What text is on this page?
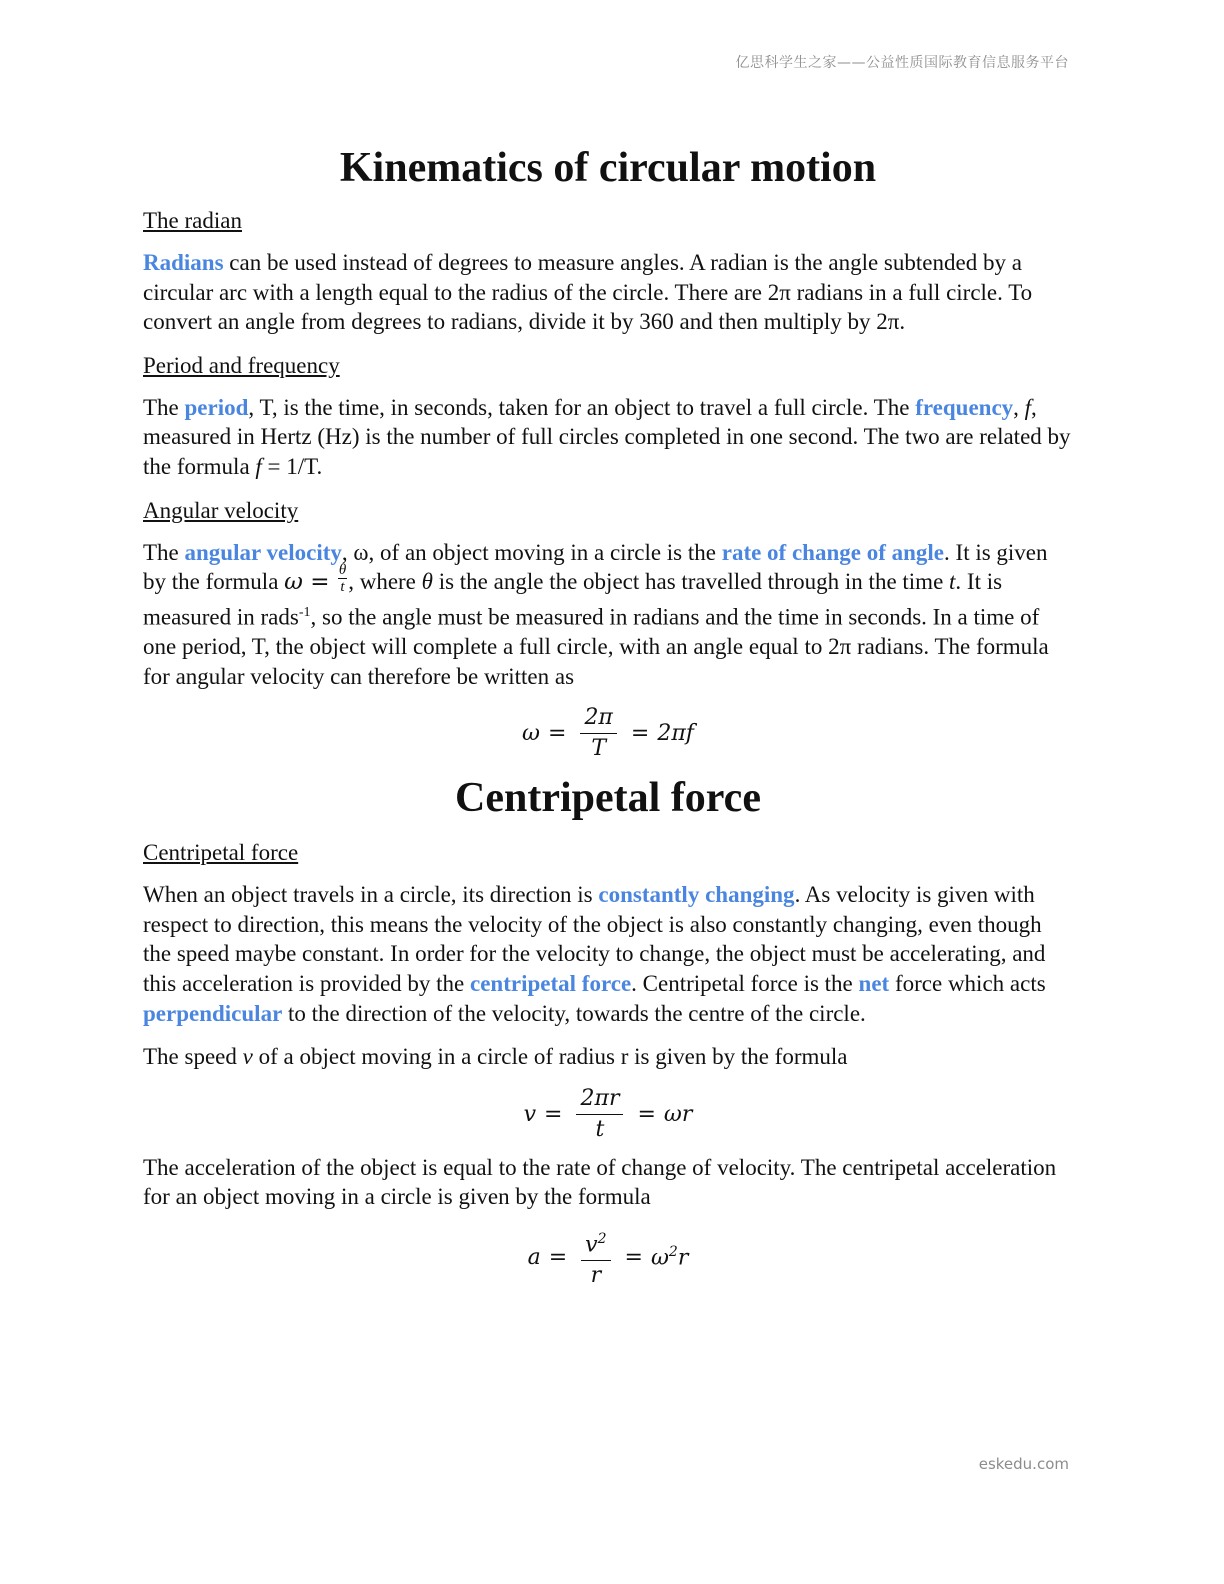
亿思科学生之家——公益性质国际教育信息服务平台
Kinematics of circular motion
The radian

Radians can be used instead of degrees to measure angles. A radian is the angle subtended by a circular arc with a length equal to the radius of the circle. There are 2π radians in a full circle. To convert an angle from degrees to radians, divide it by 360 and then multiply by 2π.

Period and frequency

The period, T, is the time, in seconds, taken for an object to travel a full circle. The frequency, f, measured in Hertz (Hz) is the number of full circles completed in one second. The two are related by the formula f = 1/T.

Angular velocity

The angular velocity, ω, of an object moving in a circle is the rate of change of angle. It is given by the formula $\omega = \frac{\theta}{t}$ , where θ is the angle the object has travelled through in the time t. It is measured in rads$^{-1}$, so the angle must be measured in radians and the time in seconds. In a time of one period, T, the object will complete a full circle, with an angle equal to 2π radians. The formula for angular velocity can therefore be written as

$\omega = \frac{2\pi}{T} = 2\pi f$
Centripetal force
Centripetal force

When an object travels in a circle, its direction is constantly changing. As velocity is given with respect to direction, this means the velocity of the object is also constantly changing, even though the speed maybe constant. In order for the velocity to change, the object must be accelerating, and this acceleration is provided by the centripetal force. Centripetal force is the net force which acts perpendicular to the direction of the velocity, towards the centre of the circle.

The speed v of a object moving in a circle of radius r is given by the formula

$v = \frac{2\pi r}{t} = \omega r$

The acceleration of the object is equal to the rate of change of velocity. The centripetal acceleration for an object moving in a circle is given by the formula

$a = \frac{v^2}{r} = \omega^2r$
eskedu.com
